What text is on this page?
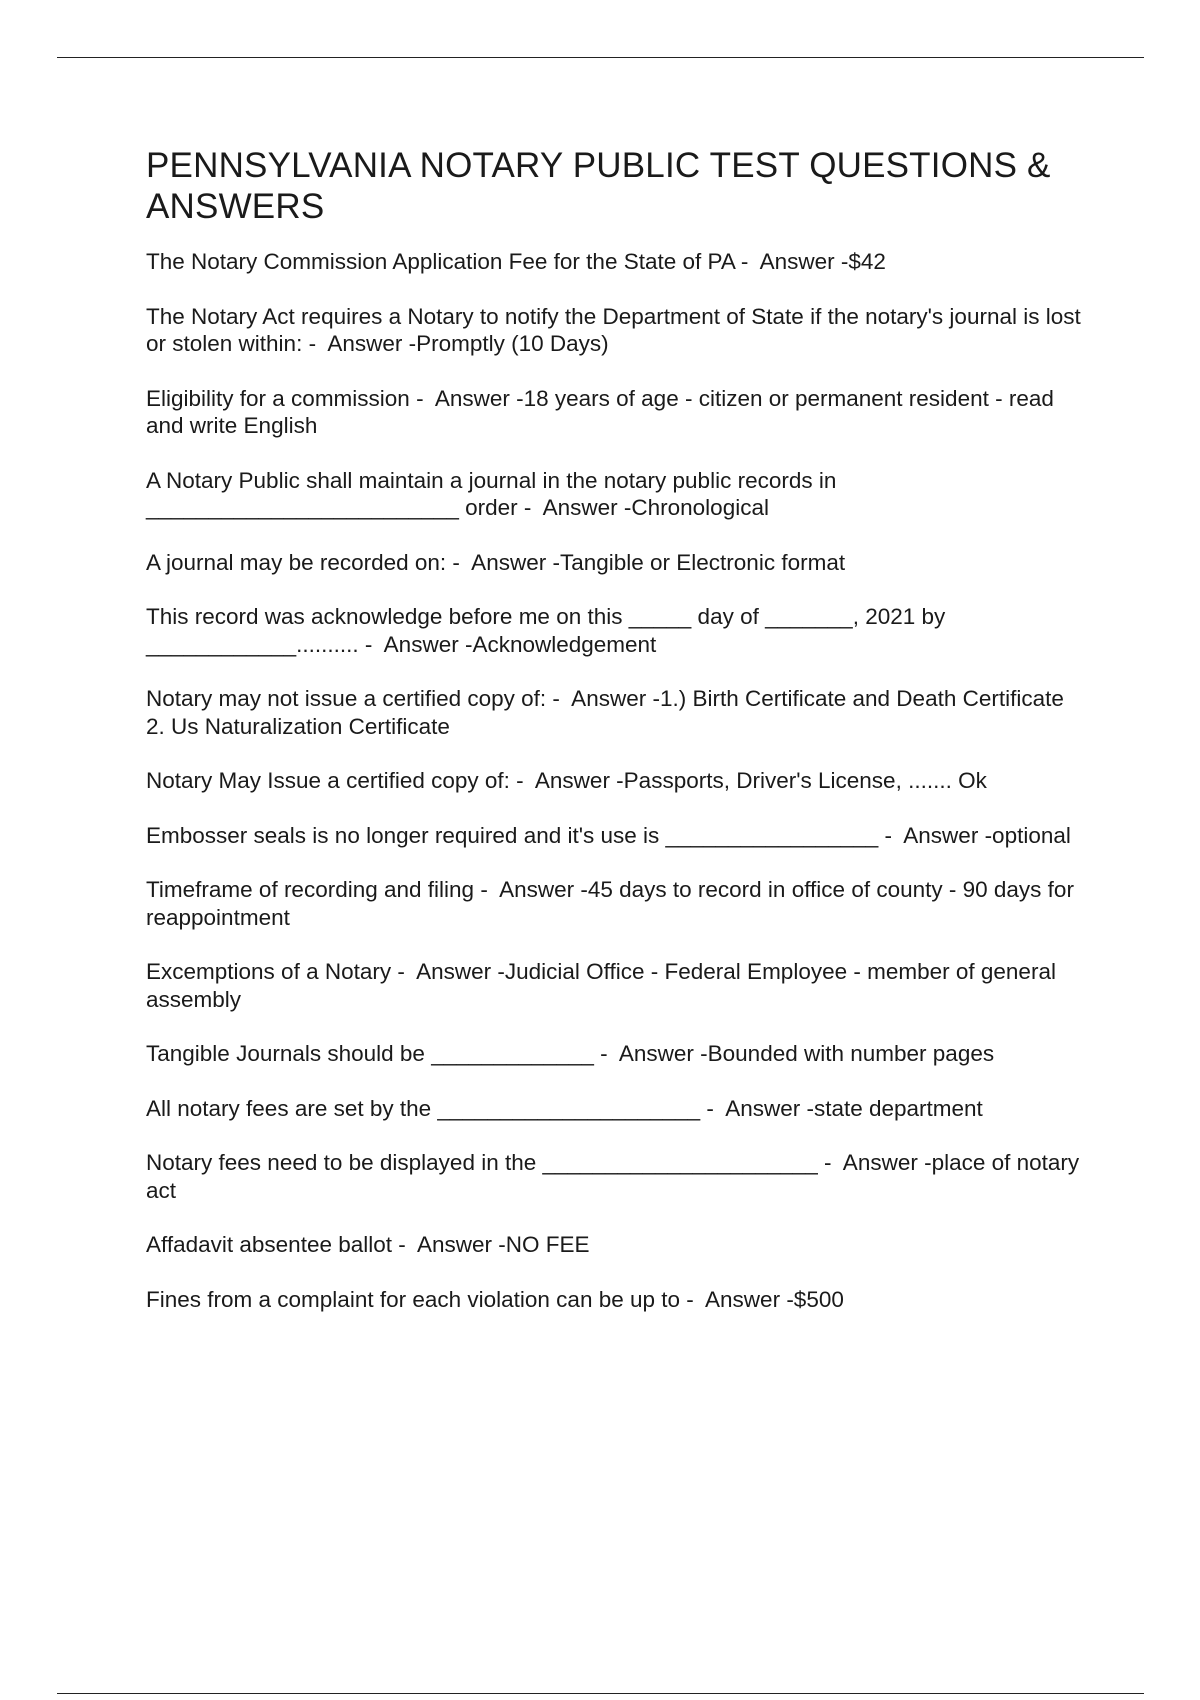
PENNSYLVANIA NOTARY PUBLIC TEST QUESTIONS & ANSWERS

The Notary Commission Application Fee for the State of PA -  Answer -$42

The Notary Act requires a Notary to notify the Department of State if the notary's journal is lost or stolen within: -  Answer -Promptly (10 Days)

Eligibility for a commission -  Answer -18 years of age - citizen or permanent resident - read and write English

A Notary Public shall maintain a journal in the notary public records in _________________________ order -  Answer -Chronological

A journal may be recorded on: -  Answer -Tangible or Electronic format

This record was acknowledge before me on this _____ day of _______, 2021 by ____________.......... -  Answer -Acknowledgement

Notary may not issue a certified copy of: -  Answer -1.) Birth Certificate and Death Certificate
2. Us Naturalization Certificate

Notary May Issue a certified copy of: -  Answer -Passports, Driver's License, ....... Ok

Embosser seals is no longer required and it's use is _________________ -  Answer -optional

Timeframe of recording and filing -  Answer -45 days to record in office of county - 90 days for reappointment

Excemptions of a Notary -  Answer -Judicial Office - Federal Employee - member of general assembly

Tangible Journals should be _____________ -  Answer -Bounded with number pages

All notary fees are set by the _____________________ -  Answer -state department

Notary fees need to be displayed in the ______________________ -  Answer -place of notary act

Affadavit absentee ballot -  Answer -NO FEE

Fines from a complaint for each violation can be up to -  Answer -$500
